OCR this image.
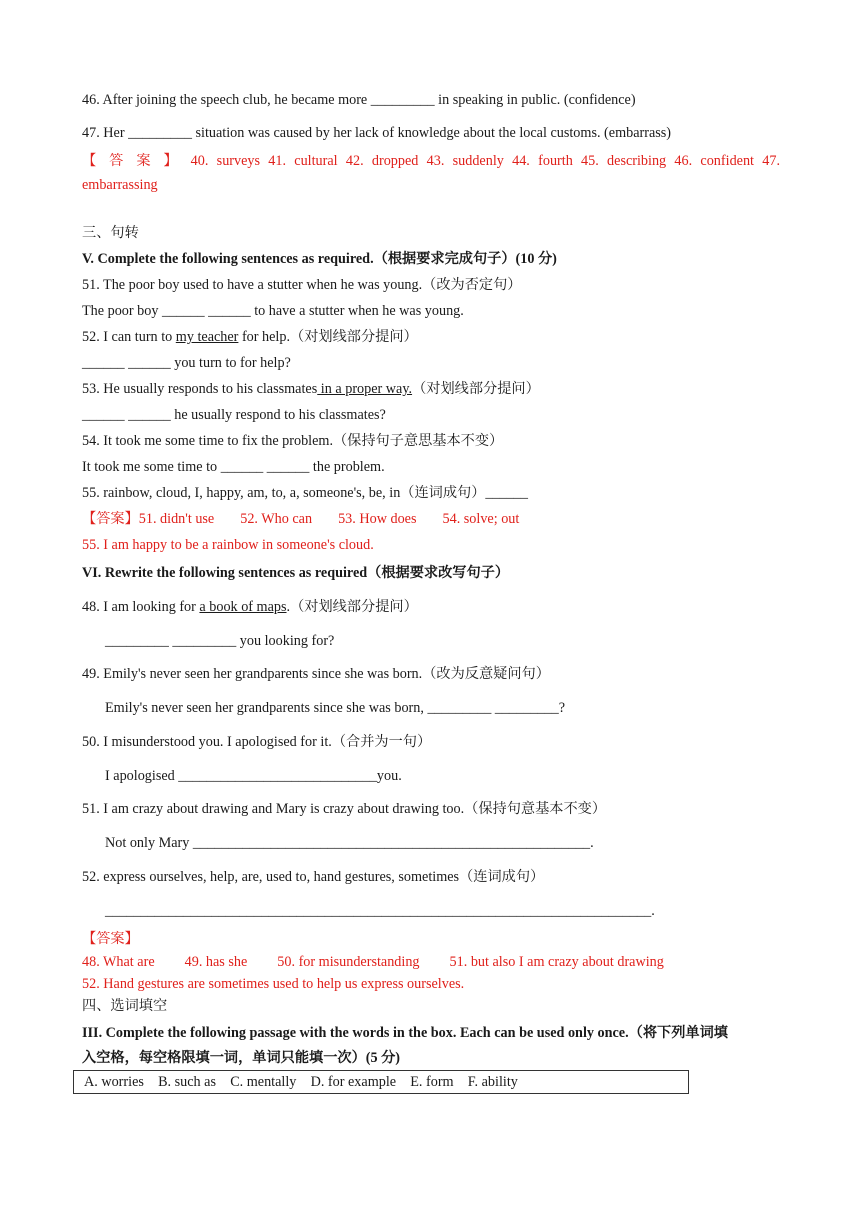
46. After joining the speech club, he became more _________ in speaking in public. (confidence)
47. Her _________ situation was caused by her lack of knowledge about the local customs. (embarrass)
【 答 案 】 40. surveys 41. cultural 42. dropped 43. suddenly 44. fourth 45. describing 46. confident 47.
embarrassing
三、句转
V. Complete the following sentences as required.（根据要求完成句子）(10 分)
51. The poor boy used to have a stutter when he was young.（改为否定句）
The poor boy ______ ______ to have a stutter when he was young.
52. I can turn to my teacher for help.（对划线部分提问）
______ ______ you turn to for help?
53. He usually responds to his classmates in a proper way.（对划线部分提问）
______ ______ he usually respond to his classmates?
54. It took me some time to fix the problem.（保持句子意思基本不变）
It took me some time to ______ ______ the problem.
55. rainbow, cloud, I, happy, am, to, a, someone's, be, in（连词成句）______
【答案】51. didn't use 52. Who can 53. How does 54. solve; out
55. I am happy to be a rainbow in someone's cloud.
VI. Rewrite the following sentences as required（根据要求改写句子）
48. I am looking for a book of maps.（对划线部分提问）
_________ _________ you looking for?
49. Emily's never seen her grandparents since she was born.（改为反意疑问句）
Emily's never seen her grandparents since she was born, _________ _________?
50. I misunderstood you. I apologised for it.（合并为一句）
I apologised ____________________________you.
51. I am crazy about drawing and Mary is crazy about drawing too.（保持句意基本不变）
Not only Mary ________________________________________________________.
52. express ourselves, help, are, used to, hand gestures, sometimes（连词成句）
_____________________________________________________________________________.
【答案】
48. What are 49. has she 50. for misunderstanding 51. but also I am crazy about drawing
52. Hand gestures are sometimes used to help us express ourselves.
四、选词填空
III. Complete the following passage with the words in the box. Each can be used only once.（将下列单词填
入空格，每空格限填一词，单词只能填一次）(5 分)
A. worries    B. such as    C. mentally    D. for example    E. form    F. ability
